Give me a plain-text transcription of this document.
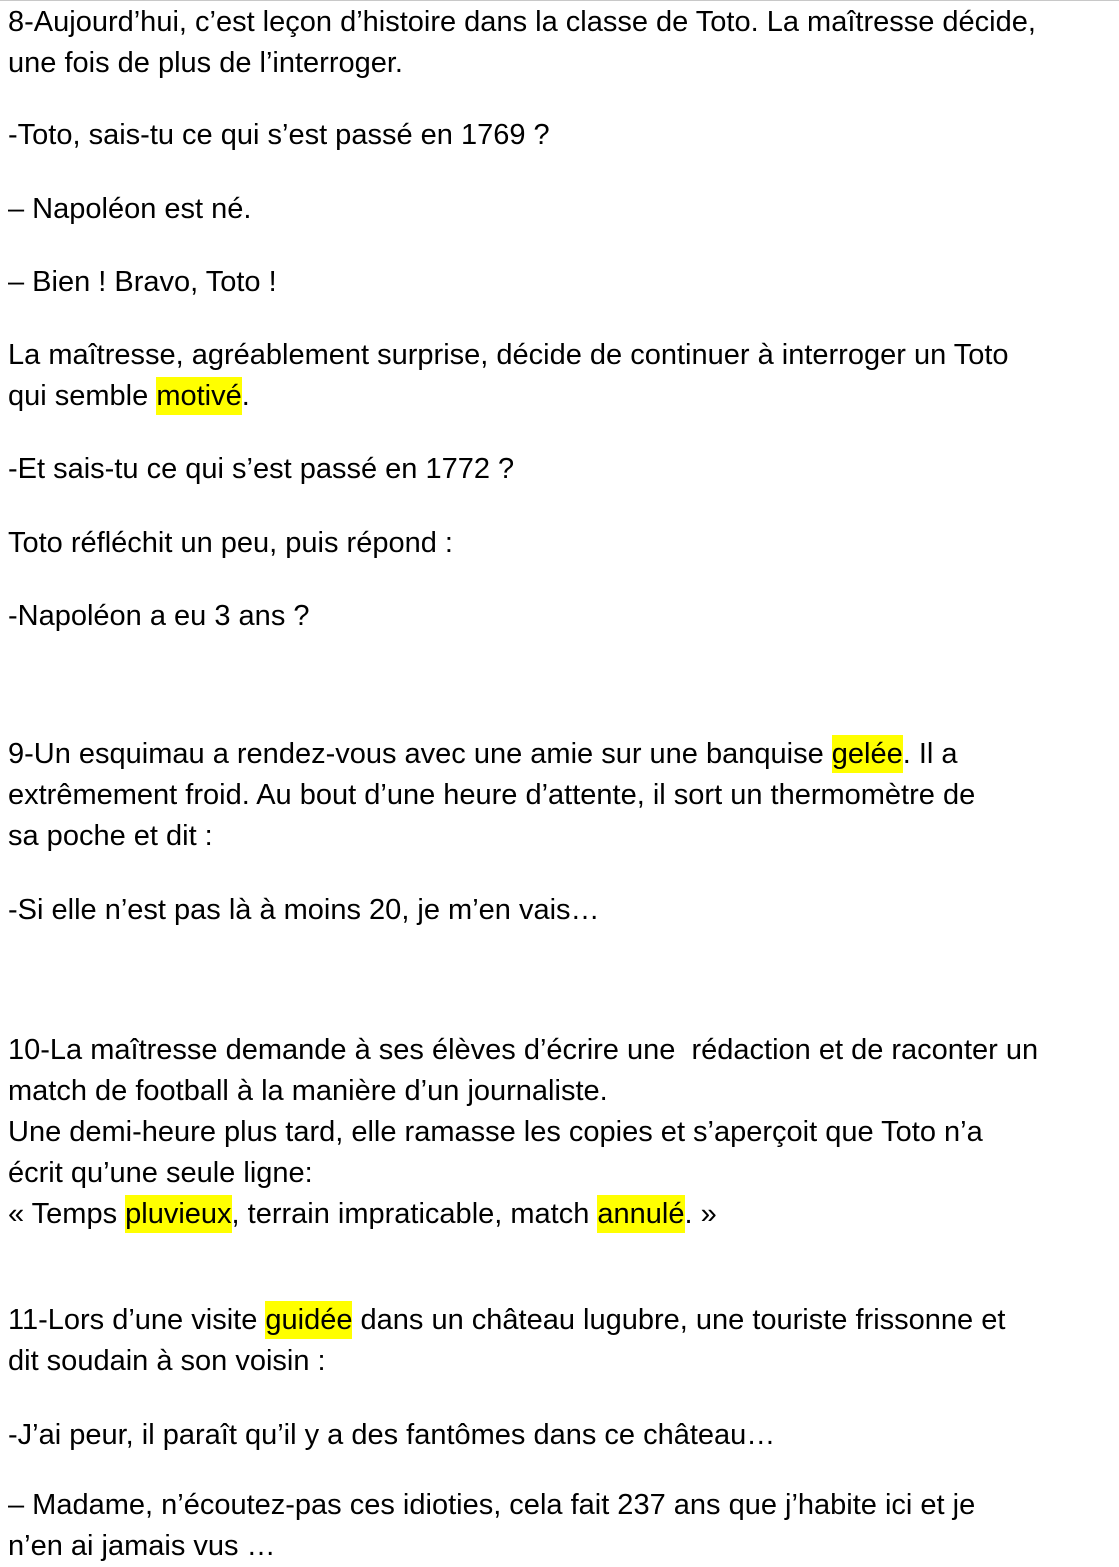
8-Aujourd’hui, c’est leçon d’histoire dans la classe de Toto. La maîtresse décide,
une fois de plus de l’interroger.
-Toto, sais-tu ce qui s’est passé en 1769 ?
– Napoléon est né.
– Bien ! Bravo, Toto !
La maîtresse, agréablement surprise, décide de continuer à interroger un Toto
qui semble motivé.
-Et sais-tu ce qui s’est passé en 1772 ?
Toto réfléchit un peu, puis répond :
-Napoléon a eu 3 ans ?
9-Un esquimau a rendez-vous avec une amie sur une banquise gelée. Il a
extrêmement froid. Au bout d’une heure d’attente, il sort un thermomètre de
sa poche et dit :
-Si elle n’est pas là à moins 20, je m’en vais…
10-La maîtresse demande à ses élèves d’écrire une  rédaction et de raconter un
match de football à la manière d’un journaliste.
Une demi-heure plus tard, elle ramasse les copies et s’aperçoit que Toto n’a
écrit qu’une seule ligne:
« Temps pluvieux, terrain impraticable, match annulé. »
11-Lors d’une visite guidée dans un château lugubre, une touriste frissonne et
dit soudain à son voisin :
-J’ai peur, il paraît qu’il y a des fantômes dans ce château…
– Madame, n’écoutez-pas ces idioties, cela fait 237 ans que j’habite ici et je
n’en ai jamais vus …
